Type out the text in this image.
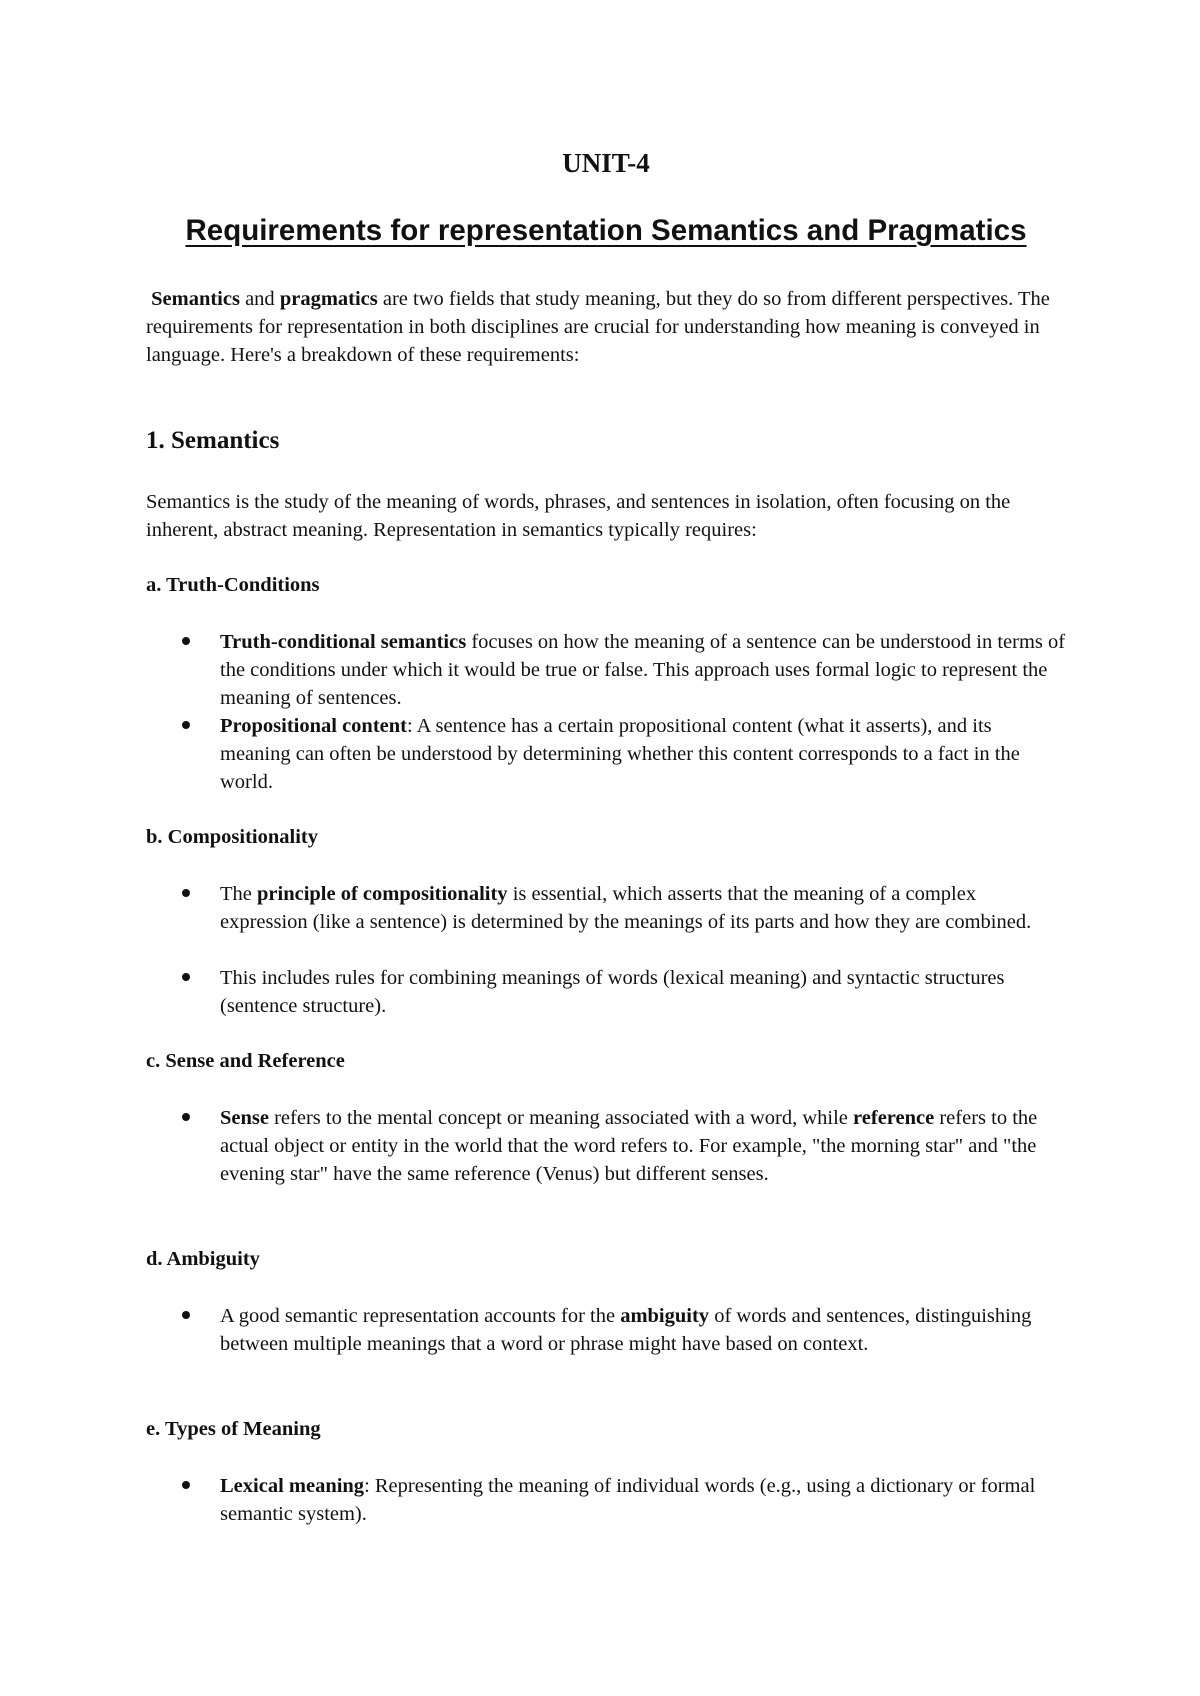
UNIT-4
Requirements for representation Semantics and Pragmatics

Semantics and pragmatics are two fields that study meaning, but they do so from different perspectives. The requirements for representation in both disciplines are crucial for understanding how meaning is conveyed in language. Here's a breakdown of these requirements:

1. Semantics

Semantics is the study of the meaning of words, phrases, and sentences in isolation, often focusing on the inherent, abstract meaning. Representation in semantics typically requires:

a. Truth-Conditions

Truth-conditional semantics focuses on how the meaning of a sentence can be understood in terms of the conditions under which it would be true or false. This approach uses formal logic to represent the meaning of sentences.

Propositional content: A sentence has a certain propositional content (what it asserts), and its meaning can often be understood by determining whether this content corresponds to a fact in the world.

b. Compositionality

The principle of compositionality is essential, which asserts that the meaning of a complex expression (like a sentence) is determined by the meanings of its parts and how they are combined.

This includes rules for combining meanings of words (lexical meaning) and syntactic structures (sentence structure).

c. Sense and Reference

Sense refers to the mental concept or meaning associated with a word, while reference refers to the actual object or entity in the world that the word refers to. For example, "the morning star" and "the evening star" have the same reference (Venus) but different senses.

d. Ambiguity

A good semantic representation accounts for the ambiguity of words and sentences, distinguishing between multiple meanings that a word or phrase might have based on context.

e. Types of Meaning

Lexical meaning: Representing the meaning of individual words (e.g., using a dictionary or formal semantic system).
